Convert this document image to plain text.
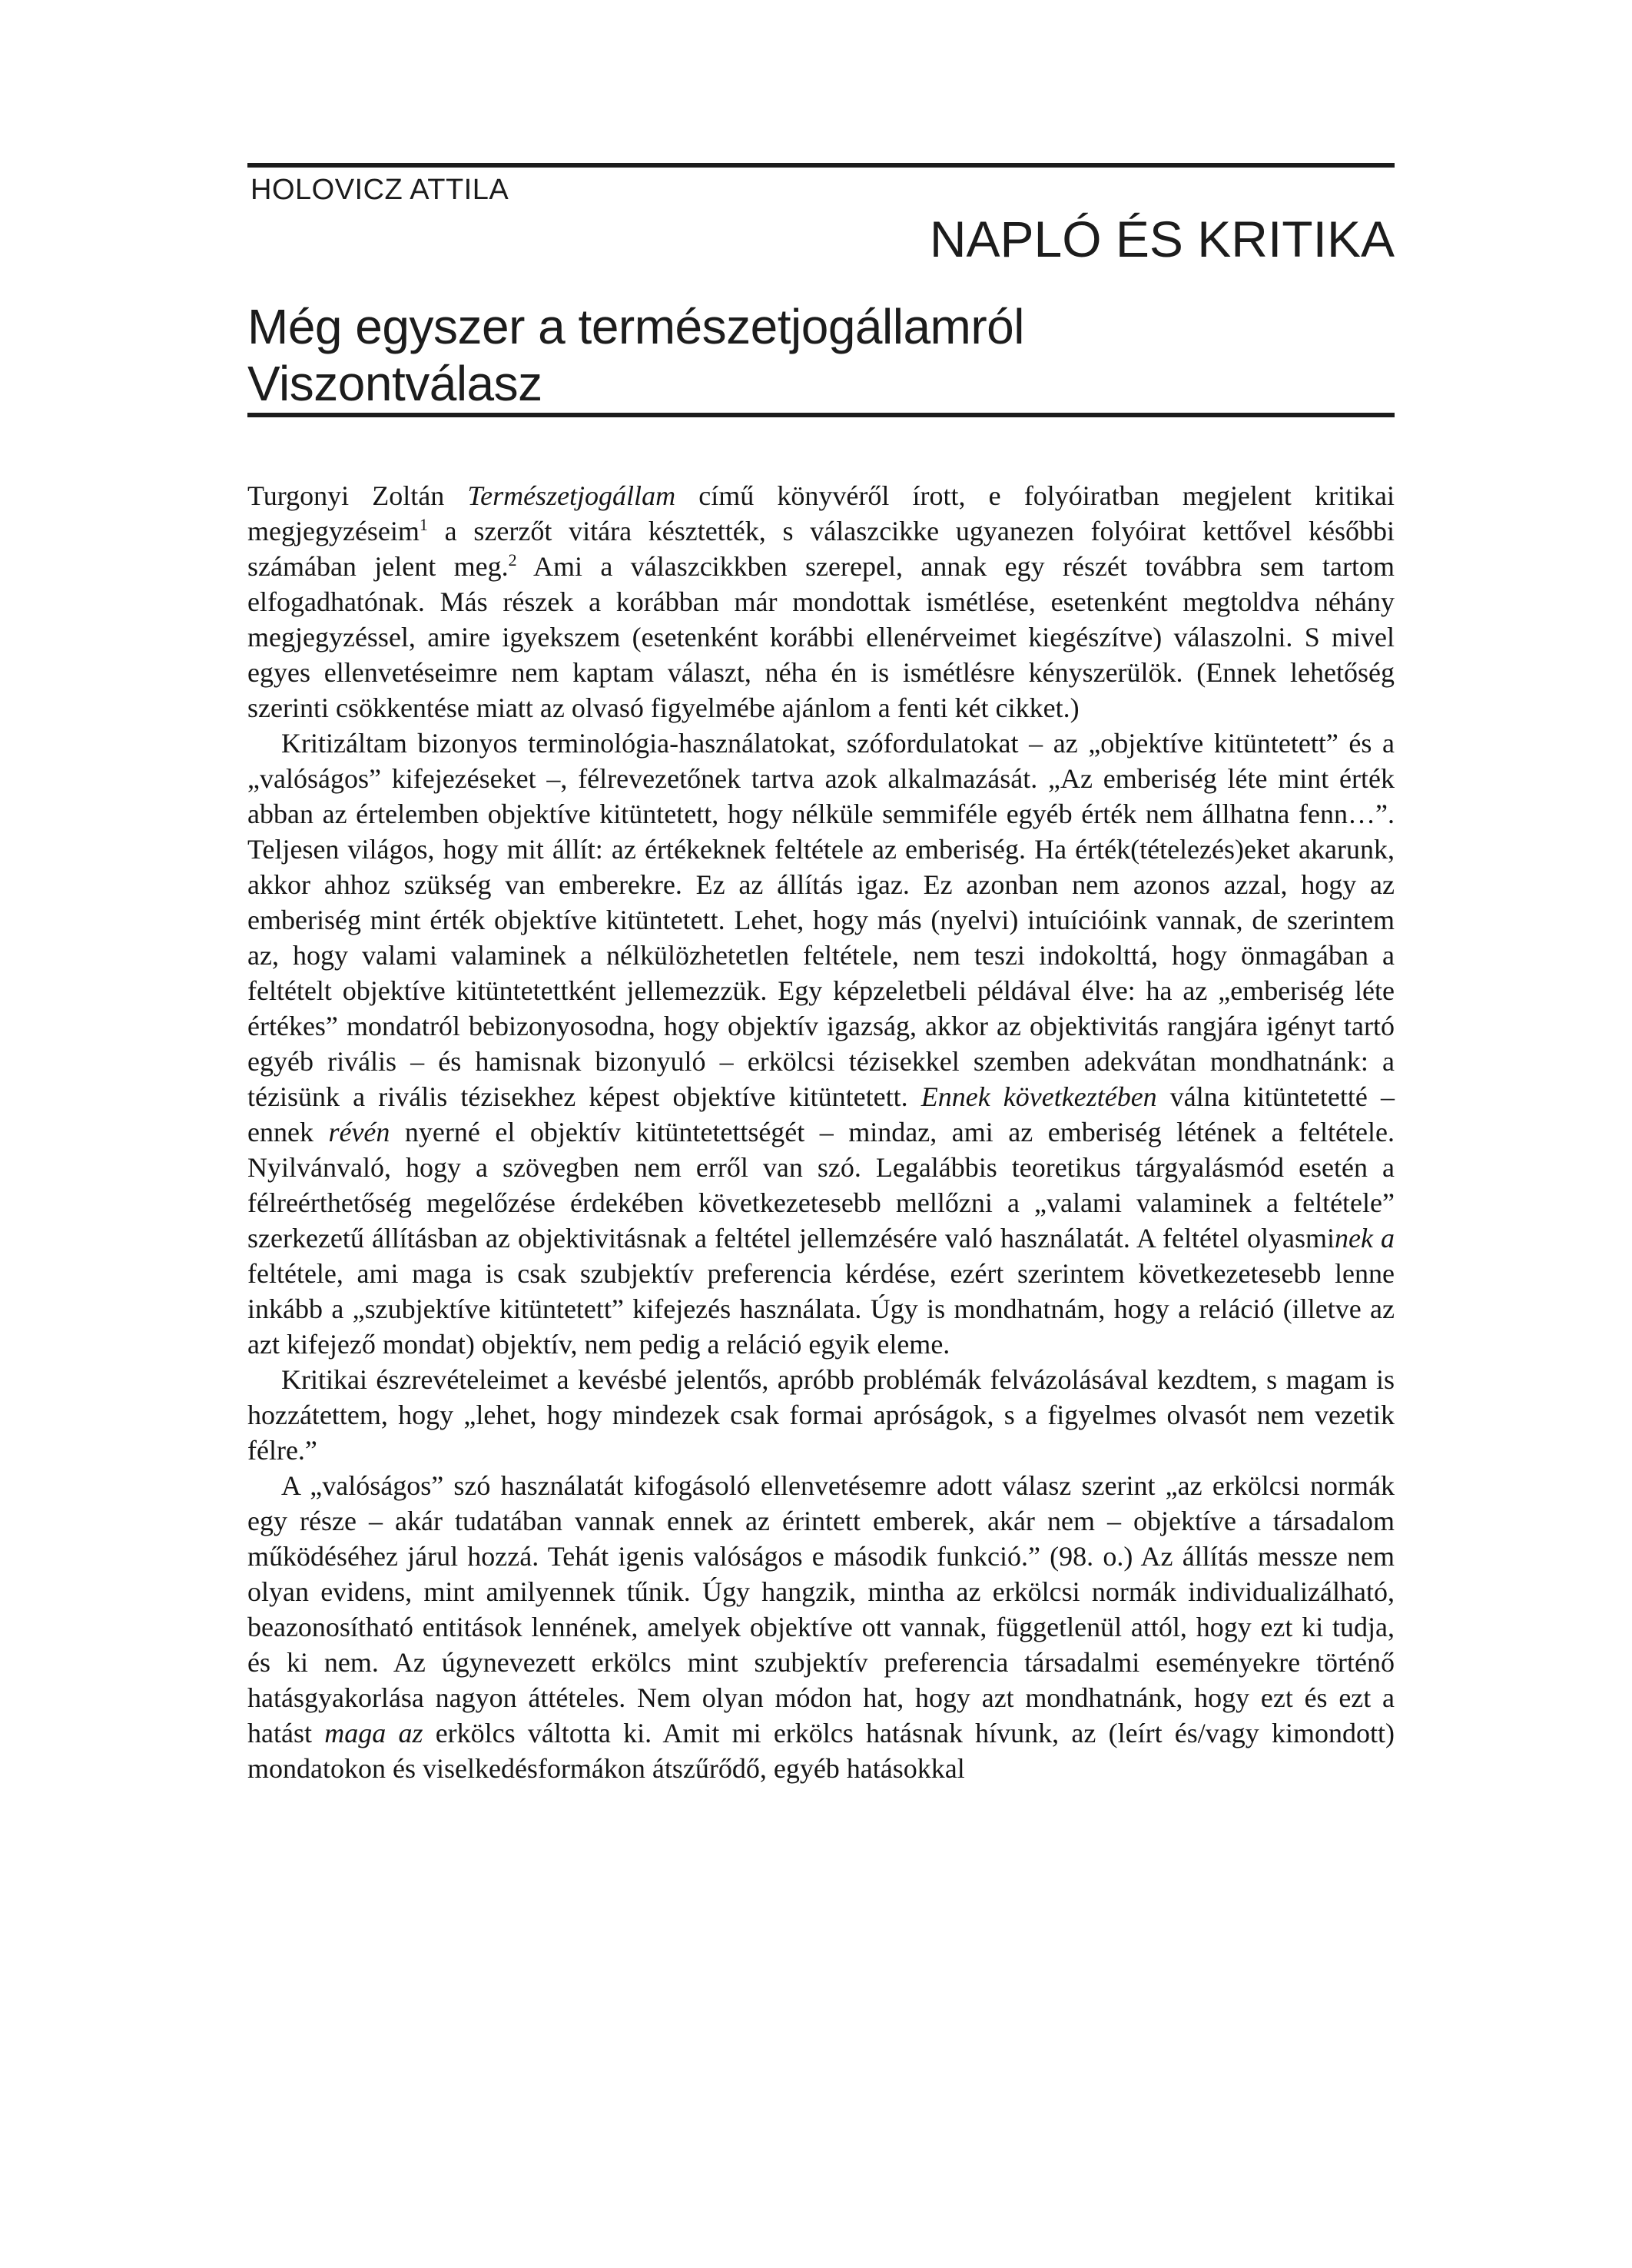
HOLOVICZ ATTILA
NAPLÓ ÉS KRITIKA
Még egyszer a természetjogállamról
Viszontválasz

Turgonyi Zoltán Természetjogállam című könyvéről írott, e folyóiratban megjelent kritikai megjegyzéseim$^1$ a szerzőt vitára késztették, s válaszcikke ugyanezen folyóirat kettővel későbbi számában jelent meg.$^2$ Ami a válaszcikkben szerepel, annak egy részét továbbra sem tartom elfogadhatónak. Más részek a korábban már mondottak ismétlése, esetenként megtoldva néhány megjegyzéssel, amire igyekszem (esetenként korábbi ellenérveimet kiegészítve) válaszolni. S mivel egyes ellenvetéseimre nem kaptam választ, néha én is ismétlésre kényszerülök. (Ennek lehetőség szerinti csökkentése miatt az olvasó figyelmébe ajánlom a fenti két cikket.)

Kritizáltam bizonyos terminológia-használatokat, szófordulatokat – az „objektíve kitüntetett” és a „valóságos” kifejezéseket –, félrevezetőnek tartva azok alkalmazását. „Az emberiség léte mint érték abban az értelemben objektíve kitüntetett, hogy nélküle semmiféle egyéb érték nem állhatna fenn…”. Teljesen világos, hogy mit állít: az értékeknek feltétele az emberiség. Ha érték(tételezés)eket akarunk, akkor ahhoz szükség van emberekre. Ez az állítás igaz. Ez azonban nem azonos azzal, hogy az emberiség mint érték objektíve kitüntetett. Lehet, hogy más (nyelvi) intuícióink vannak, de szerintem az, hogy valami valaminek a nélkülözhetetlen feltétele, nem teszi indokolttá, hogy önmagában a feltételt objektíve kitüntetettként jellemezzük. Egy képzeletbeli példával élve: ha az „emberiség léte értékes” mondatról bebizonyosodna, hogy objektív igazság, akkor az objektivitás rangjára igényt tartó egyéb rivális – és hamisnak bizonyuló – erkölcsi tézisekkel szemben adekvátan mondhatnánk: a tézisünk a rivális tézisekhez képest objektíve kitüntetett. Ennek következtében válna kitüntetetté – ennek révén nyerné el objektív kitüntetettségét – mindaz, ami az emberiség létének a feltétele. Nyilvánvaló, hogy a szövegben nem erről van szó. Legalábbis teoretikus tárgyalásmód esetén a félreérthetőség megelőzése érdekében következetesebb mellőzni a „valami valaminek a feltétele” szerkezetű állításban az objektivitásnak a feltétel jellemzésére való használatát. A feltétel olyasminek a feltétele, ami maga is csak szubjektív preferencia kérdése, ezért szerintem következetesebb lenne inkább a „szubjektíve kitüntetett” kifejezés használata. Úgy is mondhatnám, hogy a reláció (illetve az azt kifejező mondat) objektív, nem pedig a reláció egyik eleme.

Kritikai észrevételeimet a kevésbé jelentős, apróbb problémák felvázolásával kezdtem, s magam is hozzátettem, hogy „lehet, hogy mindezek csak formai apróságok, s a figyelmes olvasót nem vezetik félre.”

A „valóságos” szó használatát kifogásoló ellenvetésemre adott válasz szerint „az erkölcsi normák egy része – akár tudatában vannak ennek az érintett emberek, akár nem – objektíve a társadalom működéséhez járul hozzá. Tehát igenis valóságos e második funkció.” (98. o.) Az állítás messze nem olyan evidens, mint amilyennek tűnik. Úgy hangzik, mintha az erkölcsi normák individualizálható, beazonosítható entitások lennének, amelyek objektíve ott vannak, függetlenül attól, hogy ezt ki tudja, és ki nem. Az úgynevezett erkölcs mint szubjektív preferencia társadalmi eseményekre történő hatásgyakorlása nagyon áttételes. Nem olyan módon hat, hogy azt mondhatnánk, hogy ezt és ezt a hatást maga az erkölcs váltotta ki. Amit mi erkölcs hatásnak hívunk, az (leírt és/vagy kimondott) mondatokon és viselkedésformákon átszűrődő, egyéb hatásokkal
